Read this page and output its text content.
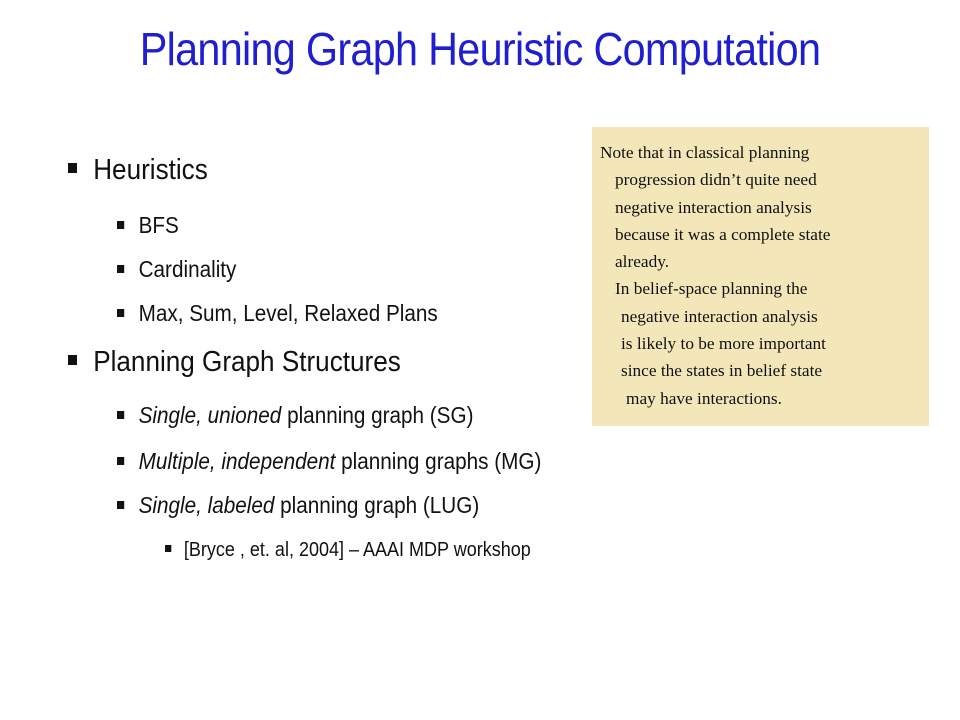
Planning Graph Heuristic Computation
Heuristics
BFS
Cardinality
Max, Sum, Level, Relaxed Plans
Planning Graph Structures
Single, unioned planning graph (SG)
Multiple, independent planning graphs (MG)
Single, labeled planning graph (LUG)
[Bryce , et. al, 2004] – AAAI MDP workshop
Note that in classical planning
progression didn’t quite need
negative interaction analysis
because it was a complete state
already.
In belief-space planning the
negative interaction analysis
is likely to be more important
since the states in belief state
may have interactions.
